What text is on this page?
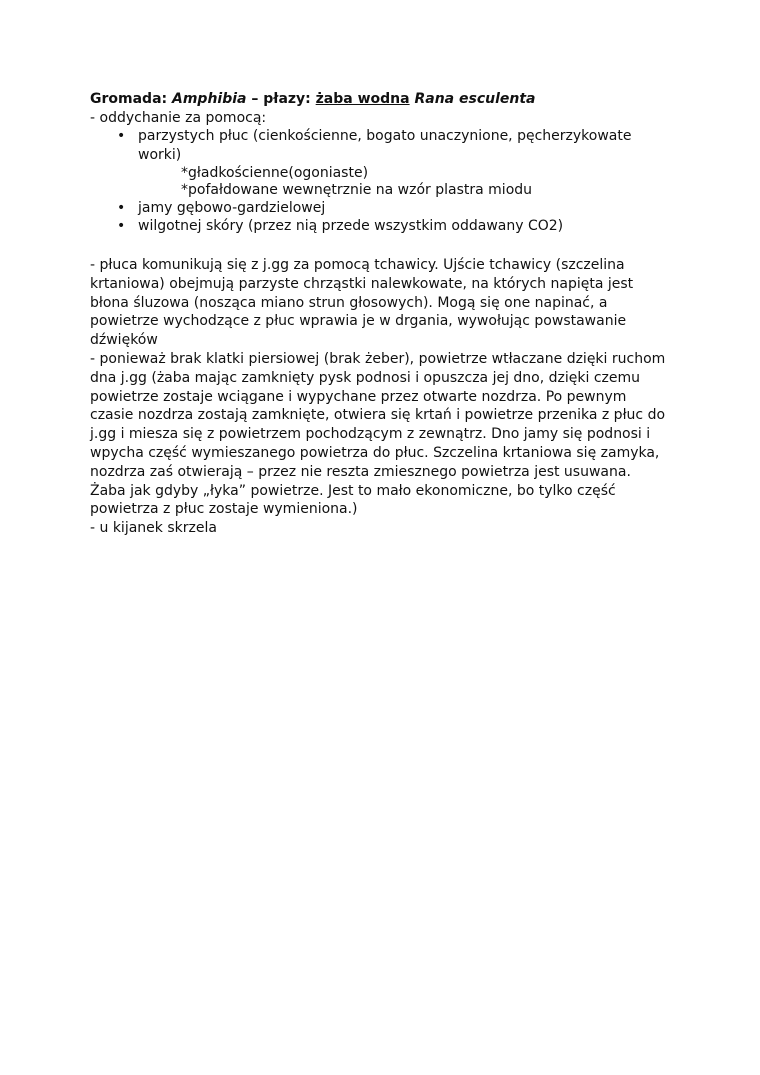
Gromada: Amphibia – płazy: żaba wodna Rana esculenta
- oddychanie za pomocą:
• parzystych płuc (cienkościenne, bogato unaczynione, pęcherzykowate
worki)
*gładkościenne(ogoniaste)
*pofałdowane wewnętrznie na wzór plastra miodu
• jamy gębowo-gardzielowej
• wilgotnej skóry (przez nią przede wszystkim oddawany CO2)
- płuca komunikują się z j.gg za pomocą tchawicy. Ujście tchawicy (szczelina
krtaniowa) obejmują parzyste chrząstki nalewkowate, na których napięta jest
błona śluzowa (nosząca miano strun głosowych). Mogą się one napinać, a
powietrze wychodzące z płuc wprawia je w drgania, wywołując powstawanie
dźwięków
- ponieważ brak klatki piersiowej (brak żeber), powietrze wtłaczane dzięki ruchom
dna j.gg (żaba mając zamknięty pysk podnosi i opuszcza jej dno, dzięki czemu
powietrze zostaje wciągane i wypychane przez otwarte nozdrza. Po pewnym
czasie nozdrza zostają zamknięte, otwiera się krtań i powietrze przenika z płuc do
j.gg i miesza się z powietrzem pochodzącym z zewnątrz. Dno jamy się podnosi i
wpycha część wymieszanego powietrza do płuc. Szczelina krtaniowa się zamyka,
nozdrza zaś otwierają – przez nie reszta zmiesznego powietrza jest usuwana.
Żaba jak gdyby „łyka” powietrze. Jest to mało ekonomiczne, bo tylko część
powietrza z płuc zostaje wymieniona.)
- u kijanek skrzela
